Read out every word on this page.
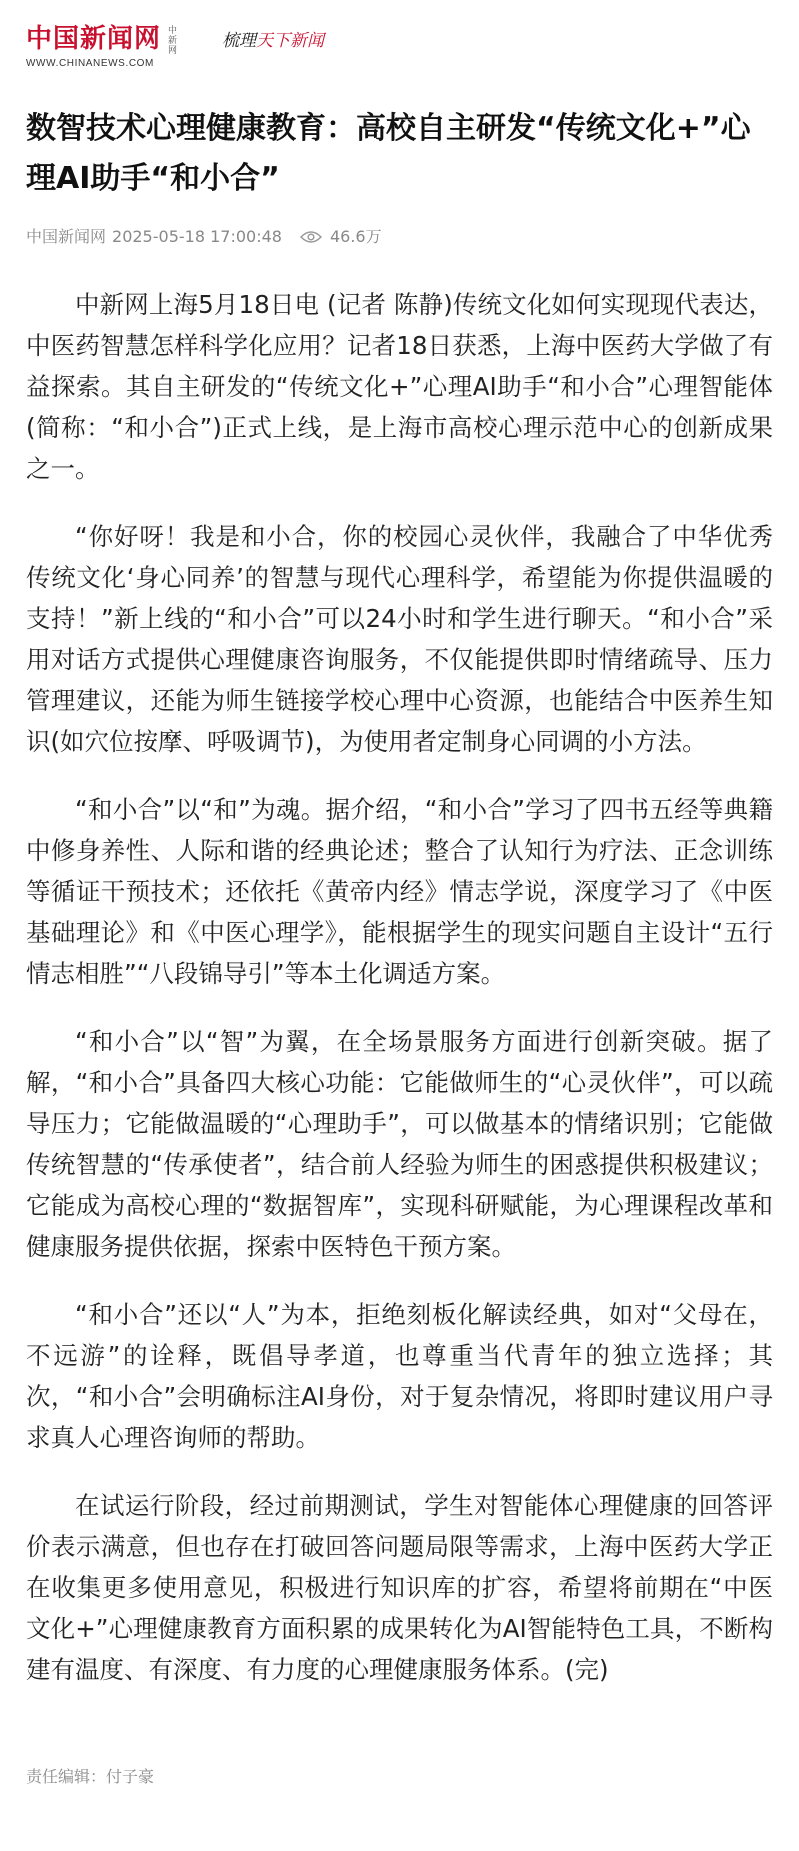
中国新闻网 中新网
WWW.CHINANEWS.COM
梳理天下新闻
数智技术心理健康教育：高校自主研发“传统文化+”心理AI助手“和小合”
中国新闻网 2025-05-18 17:00:48	46.6万

中新网上海5月18日电 (记者 陈静)传统文化如何实现现代表达，中医药智慧怎样科学化应用？记者18日获悉，上海中医药大学做了有益探索。其自主研发的“传统文化+”心理AI助手“和小合”心理智能体(简称：“和小合”)正式上线，是上海市高校心理示范中心的创新成果之一。

“你好呀！我是和小合，你的校园心灵伙伴，我融合了中华优秀传统文化‘身心同养’的智慧与现代心理科学，希望能为你提供温暖的支持！”新上线的“和小合”可以24小时和学生进行聊天。“和小合”采用对话方式提供心理健康咨询服务，不仅能提供即时情绪疏导、压力管理建议，还能为师生链接学校心理中心资源，也能结合中医养生知识(如穴位按摩、呼吸调节)，为使用者定制身心同调的小方法。

“和小合”以“和”为魂。据介绍，“和小合”学习了四书五经等典籍中修身养性、人际和谐的经典论述；整合了认知行为疗法、正念训练等循证干预技术；还依托《黄帝内经》情志学说，深度学习了《中医基础理论》和《中医心理学》，能根据学生的现实问题自主设计“五行情志相胜”“八段锦导引”等本土化调适方案。

“和小合”以“智”为翼，在全场景服务方面进行创新突破。据了解，“和小合”具备四大核心功能：它能做师生的“心灵伙伴”，可以疏导压力；它能做温暖的“心理助手”，可以做基本的情绪识别；它能做传统智慧的“传承使者”，结合前人经验为师生的困惑提供积极建议；它能成为高校心理的“数据智库”，实现科研赋能，为心理课程改革和健康服务提供依据，探索中医特色干预方案。

“和小合”还以“人”为本，拒绝刻板化解读经典，如对“父母在，不远游”的诠释，既倡导孝道，也尊重当代青年的独立选择；其次，“和小合”会明确标注AI身份，对于复杂情况，将即时建议用户寻求真人心理咨询师的帮助。

在试运行阶段，经过前期测试，学生对智能体心理健康的回答评价表示满意，但也存在打破回答问题局限等需求，上海中医药大学正在收集更多使用意见，积极进行知识库的扩容，希望将前期在“中医文化+”心理健康教育方面积累的成果转化为AI智能特色工具，不断构建有温度、有深度、有力度的心理健康服务体系。(完)

责任编辑：付子豪
